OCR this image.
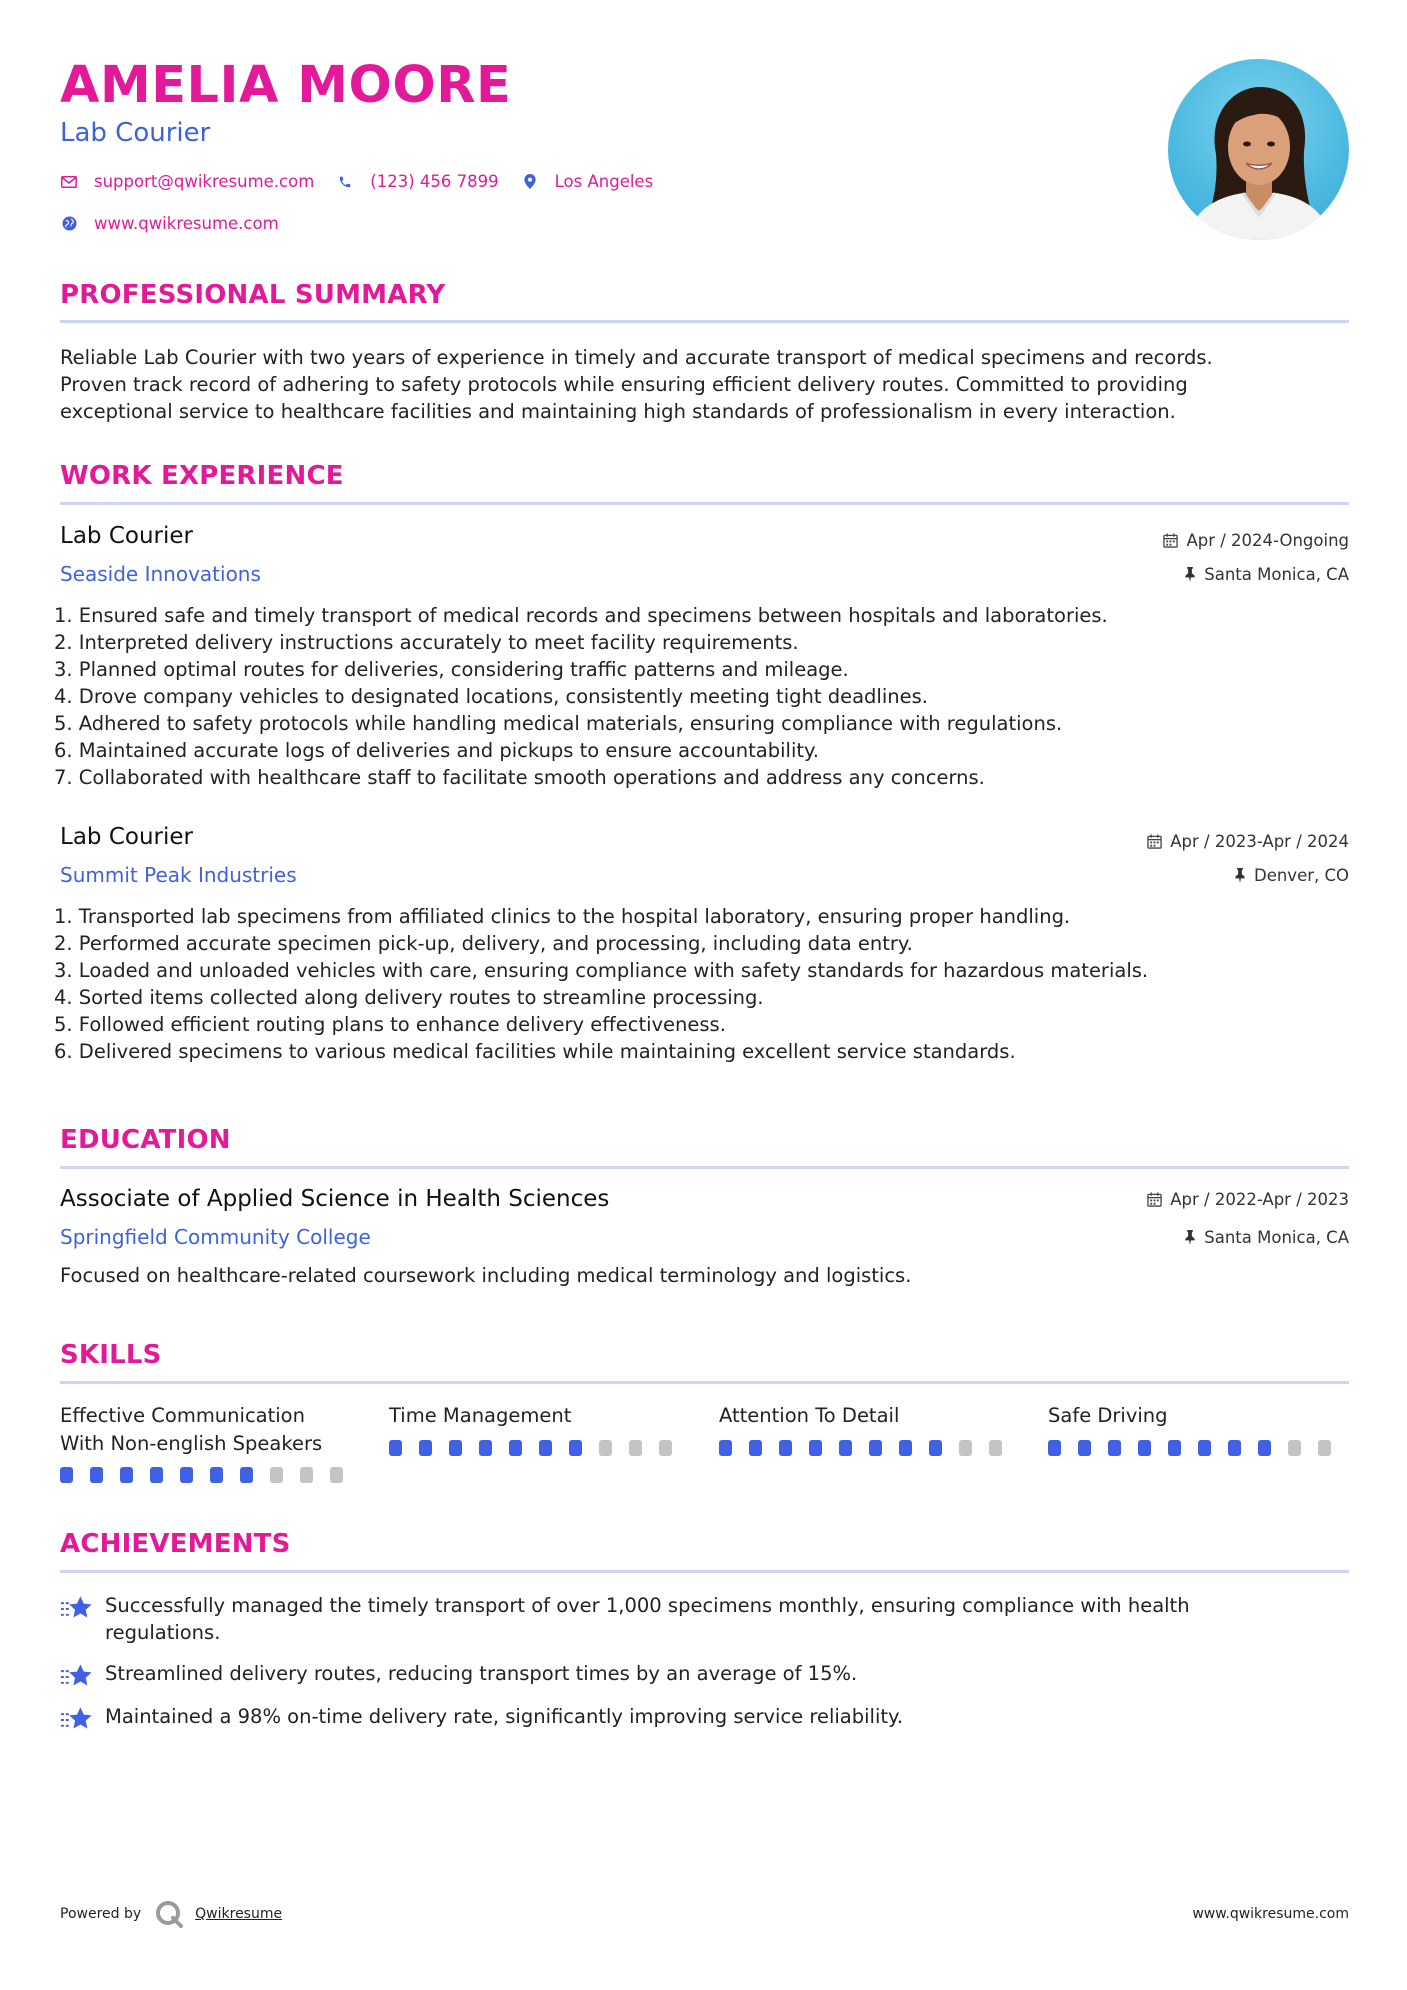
AMELIA MOORE
Lab Courier
support@qwikresume.com	(123) 456 7899	Los Angeles
www.qwikresume.com
PROFESSIONAL SUMMARY
Reliable Lab Courier with two years of experience in timely and accurate transport of medical specimens and records.
Proven track record of adhering to safety protocols while ensuring efficient delivery routes. Committed to providing
exceptional service to healthcare facilities and maintaining high standards of professionalism in every interaction.
WORK EXPERIENCE
Lab Courier	Apr / 2024-Ongoing
Seaside Innovations	Santa Monica, CA
1. Ensured safe and timely transport of medical records and specimens between hospitals and laboratories.
2. Interpreted delivery instructions accurately to meet facility requirements.
3. Planned optimal routes for deliveries, considering traffic patterns and mileage.
4. Drove company vehicles to designated locations, consistently meeting tight deadlines.
5. Adhered to safety protocols while handling medical materials, ensuring compliance with regulations.
6. Maintained accurate logs of deliveries and pickups to ensure accountability.
7. Collaborated with healthcare staff to facilitate smooth operations and address any concerns.
Lab Courier	Apr / 2023-Apr / 2024
Summit Peak Industries	Denver, CO
1. Transported lab specimens from affiliated clinics to the hospital laboratory, ensuring proper handling.
2. Performed accurate specimen pick-up, delivery, and processing, including data entry.
3. Loaded and unloaded vehicles with care, ensuring compliance with safety standards for hazardous materials.
4. Sorted items collected along delivery routes to streamline processing.
5. Followed efficient routing plans to enhance delivery effectiveness.
6. Delivered specimens to various medical facilities while maintaining excellent service standards.
EDUCATION
Associate of Applied Science in Health Sciences	Apr / 2022-Apr / 2023
Springfield Community College	Santa Monica, CA
Focused on healthcare-related coursework including medical terminology and logistics.
SKILLS
Effective Communication
With Non-english Speakers
Time Management	Attention To Detail	Safe Driving
ACHIEVEMENTS
Successfully managed the timely transport of over 1,000 specimens monthly, ensuring compliance with health
regulations.
Streamlined delivery routes, reducing transport times by an average of 15%.
Maintained a 98% on-time delivery rate, significantly improving service reliability.
Powered by	Qwikresume	www.qwikresume.com
